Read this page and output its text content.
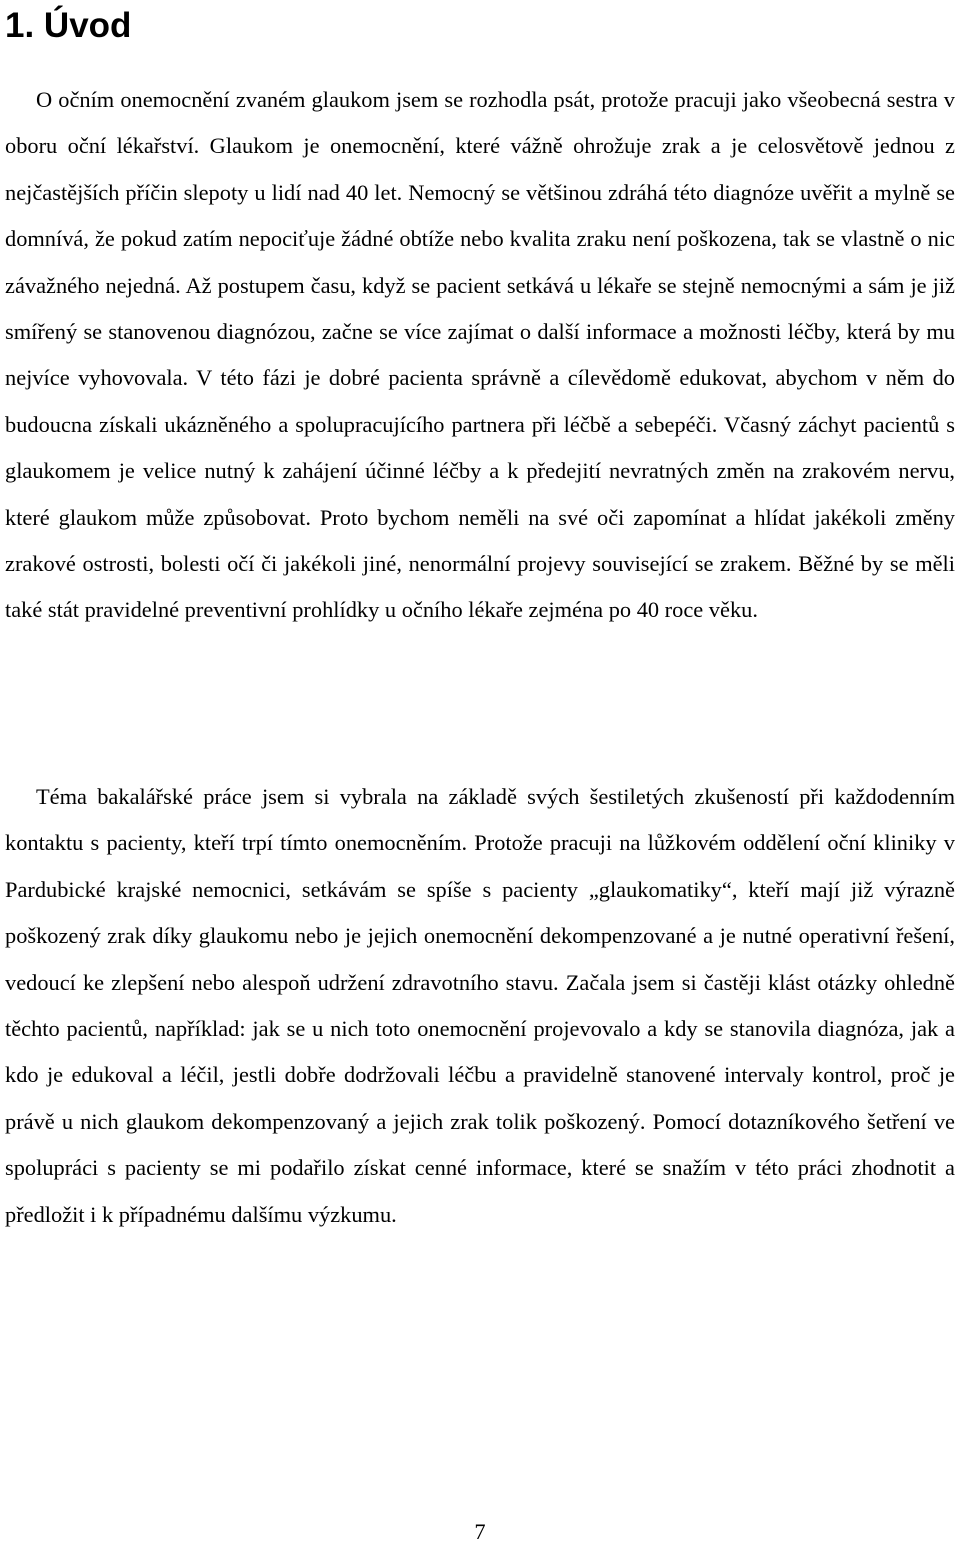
1. Úvod

O očním onemocnění zvaném glaukom jsem se rozhodla psát, protože pracuji jako všeobecná sestra v oboru oční lékařství. Glaukom je onemocnění, které vážně ohrožuje zrak a je celosvětově jednou z nejčastějších příčin slepoty u lidí nad 40 let. Nemocný se většinou zdráhá této diagnóze uvěřit a mylně se domnívá, že pokud zatím nepociťuje žádné obtíže nebo kvalita zraku není poškozena, tak se vlastně o nic závažného nejedná. Až postupem času, když se pacient setkává u lékaře se stejně nemocnými a sám je již smířený se stanovenou diagnózou, začne se více zajímat o další informace a možnosti léčby, která by mu nejvíce vyhovovala. V této fázi je dobré pacienta správně a cílevědomě edukovat, abychom v něm do budoucna získali ukázněného a spolupracujícího partnera při léčbě a sebepéči. Včasný záchyt pacientů s glaukomem je velice nutný k zahájení účinné léčby a k předejití nevratných změn na zrakovém nervu, které glaukom může způsobovat. Proto bychom neměli na své oči zapomínat a hlídat jakékoli změny zrakové ostrosti, bolesti očí či jakékoli jiné, nenormální projevy související se zrakem. Běžné by se měli také stát pravidelné preventivní prohlídky u očního lékaře zejména po 40 roce věku.

Téma bakalářské práce jsem si vybrala na základě svých šestiletých zkušeností při každodenním kontaktu s pacienty, kteří trpí tímto onemocněním. Protože pracuji na lůžkovém oddělení oční kliniky v Pardubické krajské nemocnici, setkávám se spíše s pacienty „glaukomatiky“, kteří mají již výrazně poškozený zrak díky glaukomu nebo je jejich onemocnění dekompenzované a je nutné operativní řešení, vedoucí ke zlepšení nebo alespoň udržení zdravotního stavu. Začala jsem si častěji klást otázky ohledně těchto pacientů, například: jak se u nich toto onemocnění projevovalo a kdy se stanovila diagnóza, jak a kdo je edukoval a léčil, jestli dobře dodržovali léčbu a pravidelně stanovené intervaly kontrol, proč je právě u nich glaukom dekompenzovaný a jejich zrak tolik poškozený. Pomocí dotazníkového šetření ve spolupráci s pacienty se mi podařilo získat cenné informace, které se snažím v této práci zhodnotit a předložit i k případnému dalšímu výzkumu.

7
